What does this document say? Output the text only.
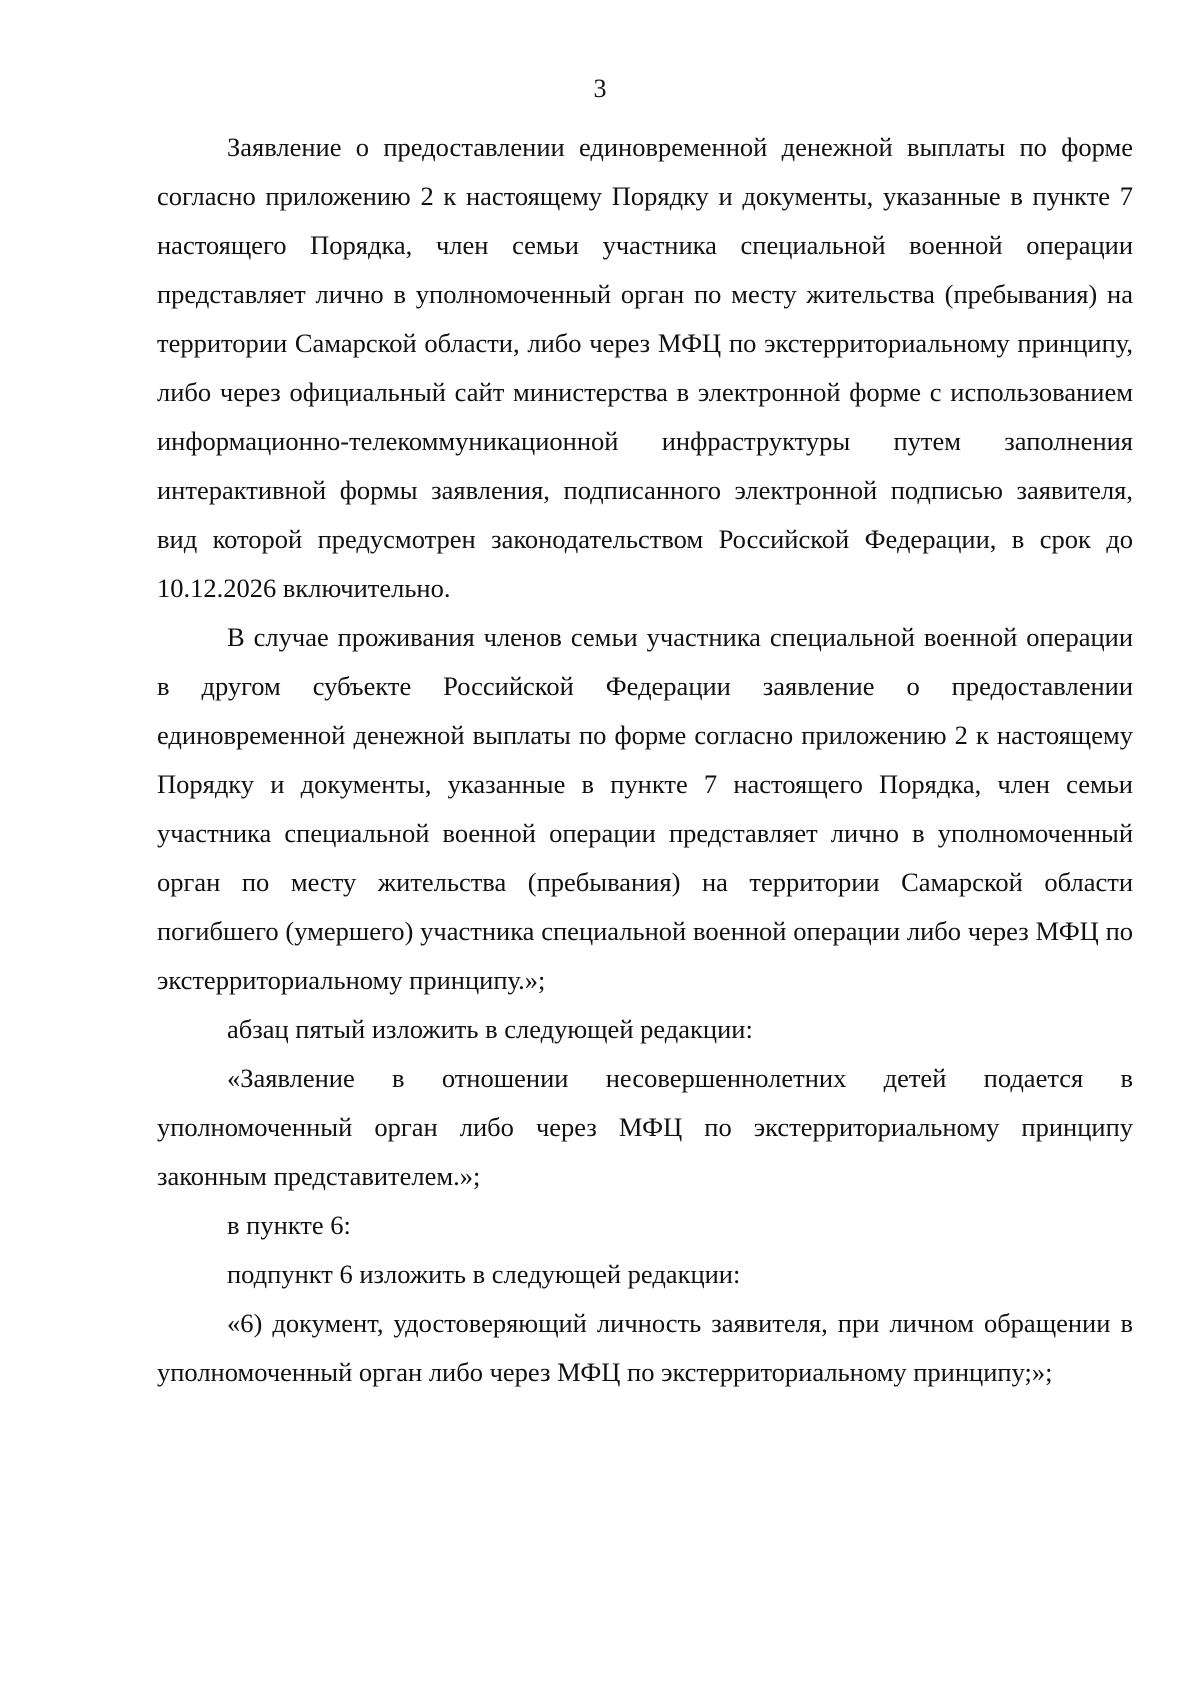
3

Заявление о предоставлении единовременной денежной выплаты по форме согласно приложению 2 к настоящему Порядку и документы, указанные в пункте 7 настоящего Порядка, член семьи участника специальной военной операции представляет лично в уполномоченный орган по месту жительства (пребывания) на территории Самарской области, либо через МФЦ по экстерриториальному принципу, либо через официальный сайт министерства в электронной форме с использованием информационно-телекоммуникационной инфраструктуры путем заполнения интерактивной формы заявления, подписанного электронной подписью заявителя, вид которой предусмотрен законодательством Российской Федерации, в срок до 10.12.2026 включительно.

В случае проживания членов семьи участника специальной военной операции в другом субъекте Российской Федерации заявление о предоставлении единовременной денежной выплаты по форме согласно приложению 2 к настоящему Порядку и документы, указанные в пункте 7 настоящего Порядка, член семьи участника специальной военной операции представляет лично в уполномоченный орган по месту жительства (пребывания) на территории Самарской области погибшего (умершего) участника специальной военной операции либо через МФЦ по экстерриториальному принципу.»;

абзац пятый изложить в следующей редакции:

«Заявление в отношении несовершеннолетних детей подается в уполномоченный орган либо через МФЦ по экстерриториальному принципу законным представителем.»;

в пункте 6:

подпункт 6 изложить в следующей редакции:

«6) документ, удостоверяющий личность заявителя, при личном обращении в уполномоченный орган либо через МФЦ по экстерриториальному принципу;»;
